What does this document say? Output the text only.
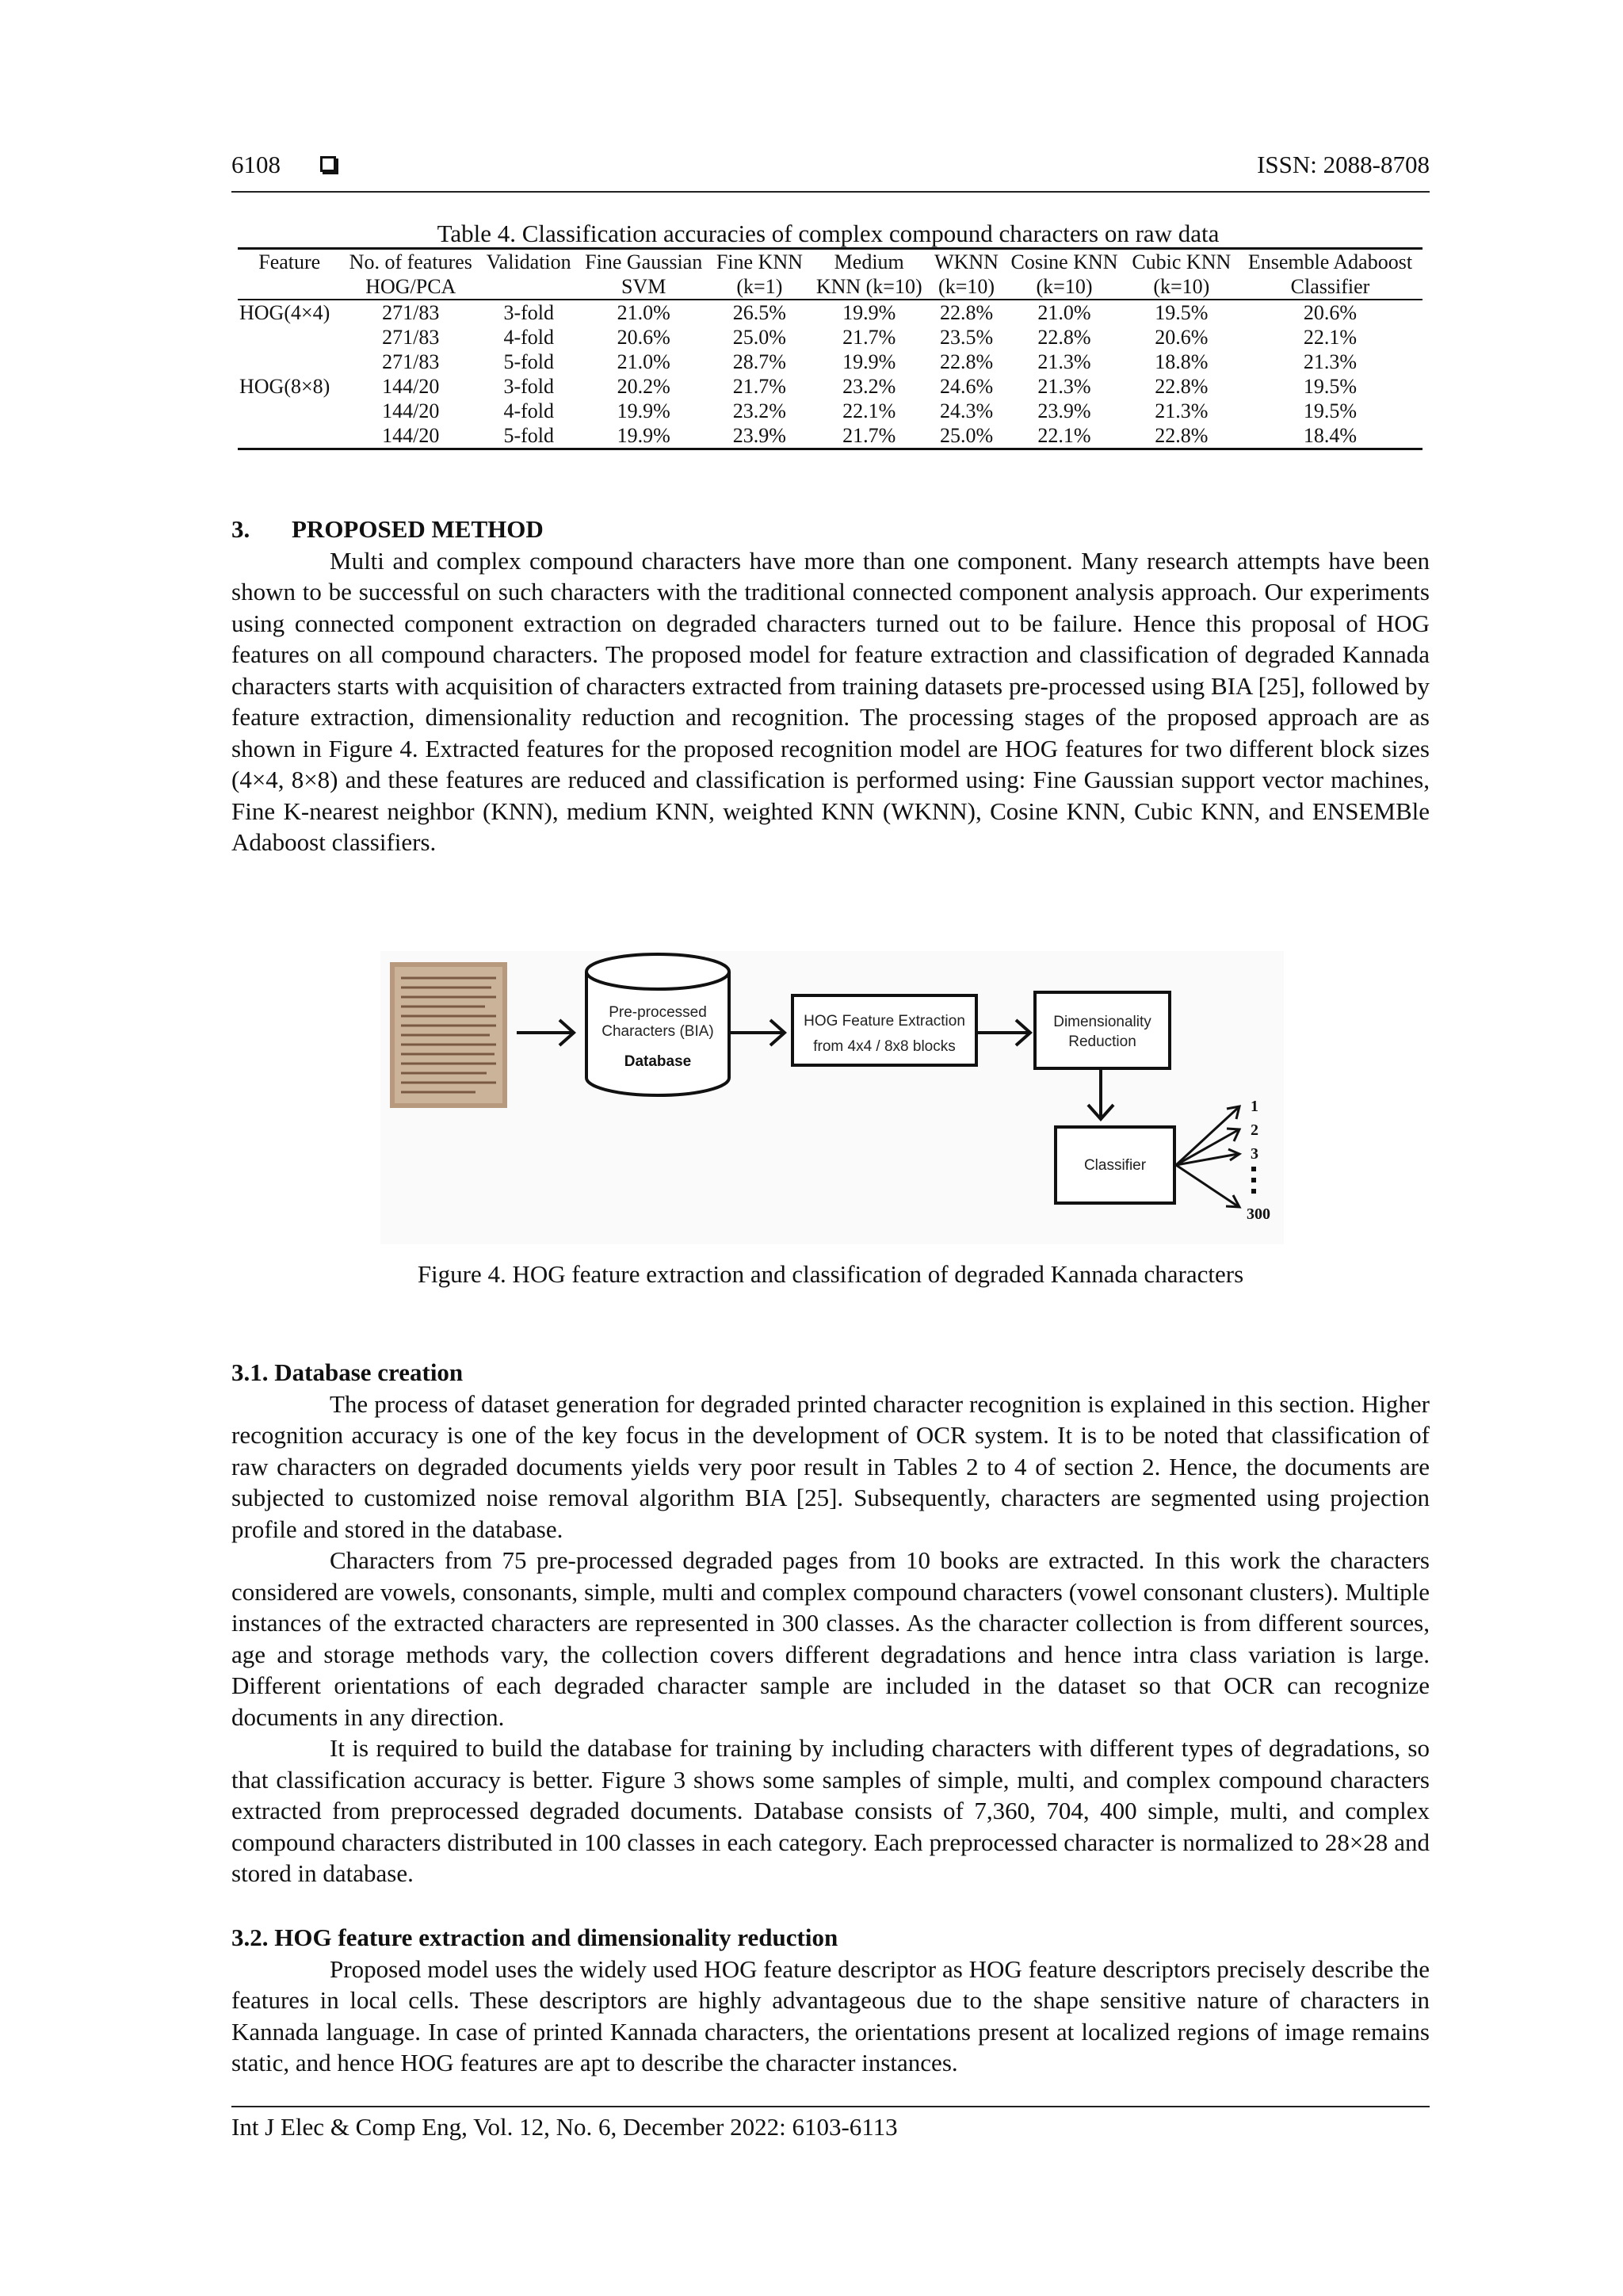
6108	ISSN: 2088-8708
Table 4. Classification accuracies of complex compound characters on raw data
Feature	No. of features	Validation	Fine Gaussian	Fine KNN	Medium	WKNN	Cosine KNN	Cubic KNN	Ensemble Adaboost
	HOG/PCA		SVM	(k=1)	KNN (k=10)	(k=10)	(k=10)	(k=10)	Classifier
HOG(4×4)	271/83	3-fold	21.0%	26.5%	19.9%	22.8%	21.0%	19.5%	20.6%
	271/83	4-fold	20.6%	25.0%	21.7%	23.5%	22.8%	20.6%	22.1%
	271/83	5-fold	21.0%	28.7%	19.9%	22.8%	21.3%	18.8%	21.3%
HOG(8×8)	144/20	3-fold	20.2%	21.7%	23.2%	24.6%	21.3%	22.8%	19.5%
	144/20	4-fold	19.9%	23.2%	22.1%	24.3%	23.9%	21.3%	19.5%
	144/20	5-fold	19.9%	23.9%	21.7%	25.0%	22.1%	22.8%	18.4%
3. PROPOSED METHOD

Multi and complex compound characters have more than one component. Many research attempts have been shown to be successful on such characters with the traditional connected component analysis approach. Our experiments using connected component extraction on degraded characters turned out to be failure. Hence this proposal of HOG features on all compound characters. The proposed model for feature extraction and classification of degraded Kannada characters starts with acquisition of characters extracted from training datasets pre-processed using BIA [25], followed by feature extraction, dimensionality reduction and recognition. The processing stages of the proposed approach are as shown in Figure 4. Extracted features for the proposed recognition model are HOG features for two different block sizes (4×4, 8×8) and these features are reduced and classification is performed using: Fine Gaussian support vector machines, Fine K-nearest neighbor (KNN), medium KNN, weighted KNN (WKNN), Cosine KNN, Cubic KNN, and ENSEMBle Adaboost classifiers.

Pre-processed
Characters (BIA)
Database
HOG Feature Extraction
from 4x4 / 8x8 blocks
Dimensionality
Reduction
Classifier
1
2
3
300
Figure 4. HOG feature extraction and classification of degraded Kannada characters
3.1. Database creation

The process of dataset generation for degraded printed character recognition is explained in this section. Higher recognition accuracy is one of the key focus in the development of OCR system. It is to be noted that classification of raw characters on degraded documents yields very poor result in Tables 2 to 4 of section 2. Hence, the documents are subjected to customized noise removal algorithm BIA [25]. Subsequently, characters are segmented using projection profile and stored in the database.

Characters from 75 pre-processed degraded pages from 10 books are extracted. In this work the characters considered are vowels, consonants, simple, multi and complex compound characters (vowel consonant clusters). Multiple instances of the extracted characters are represented in 300 classes. As the character collection is from different sources, age and storage methods vary, the collection covers different degradations and hence intra class variation is large. Different orientations of each degraded character sample are included in the dataset so that OCR can recognize documents in any direction.

It is required to build the database for training by including characters with different types of degradations, so that classification accuracy is better. Figure 3 shows some samples of simple, multi, and complex compound characters extracted from preprocessed degraded documents. Database consists of 7,360, 704, 400 simple, multi, and complex compound characters distributed in 100 classes in each category. Each preprocessed character is normalized to 28×28 and stored in database.

3.2. HOG feature extraction and dimensionality reduction

Proposed model uses the widely used HOG feature descriptor as HOG feature descriptors precisely describe the features in local cells. These descriptors are highly advantageous due to the shape sensitive nature of characters in Kannada language. In case of printed Kannada characters, the orientations present at localized regions of image remains static, and hence HOG features are apt to describe the character instances.

Int J Elec & Comp Eng, Vol. 12, No. 6, December 2022: 6103-6113
